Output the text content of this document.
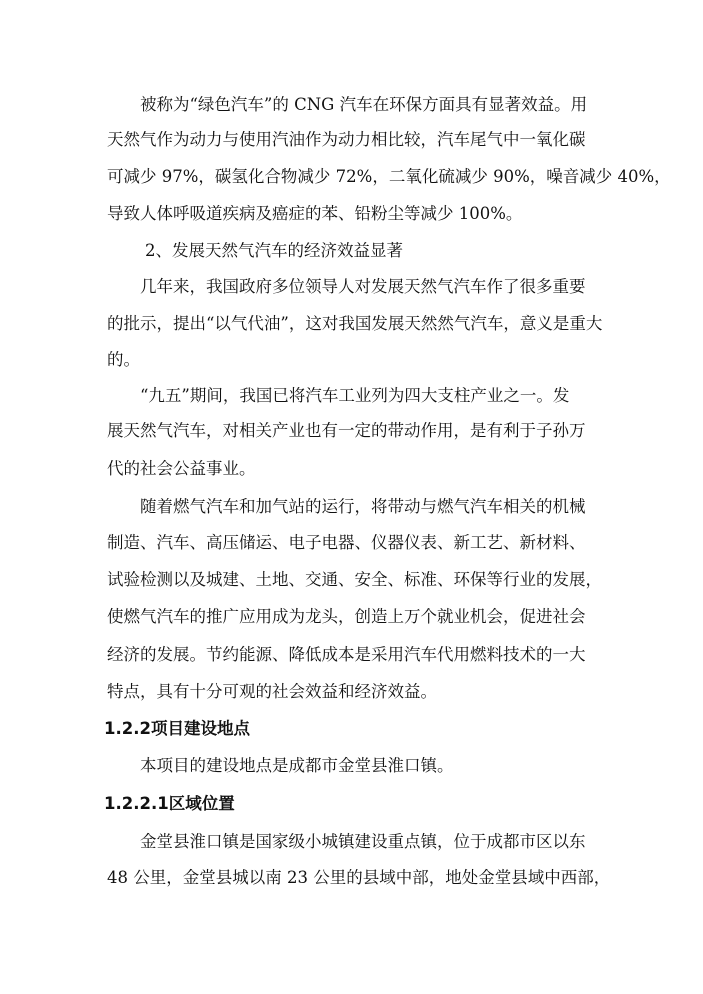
被称为“绿色汽车”的 CNG 汽车在环保方面具有显著效益。用
天然气作为动力与使用汽油作为动力相比较，汽车尾气中一氧化碳
可减少 97%，碳氢化合物减少 72%，二氧化硫减少 90%，噪音减少 40%，
导致人体呼吸道疾病及癌症的苯、铅粉尘等减少 100%。
2、发展天然气汽车的经济效益显著
几年来，我国政府多位领导人对发展天然气汽车作了很多重要
的批示，提出“以气代油”，这对我国发展天然然气汽车，意义是重大
的。
“九五”期间，我国已将汽车工业列为四大支柱产业之一。发
展天然气汽车，对相关产业也有一定的带动作用，是有利于子孙万
代的社会公益事业。
随着燃气汽车和加气站的运行，将带动与燃气汽车相关的机械
制造、汽车、高压储运、电子电器、仪器仪表、新工艺、新材料、
试验检测以及城建、土地、交通、安全、标准、环保等行业的发展，
使燃气汽车的推广应用成为龙头，创造上万个就业机会，促进社会
经济的发展。节约能源、降低成本是采用汽车代用燃料技术的一大
特点，具有十分可观的社会效益和经济效益。
1.2.2项目建设地点
本项目的建设地点是成都市金堂县淮口镇。
1.2.2.1区域位置
金堂县淮口镇是国家级小城镇建设重点镇，位于成都市区以东
48 公里，金堂县城以南 23 公里的县域中部，地处金堂县域中西部，
